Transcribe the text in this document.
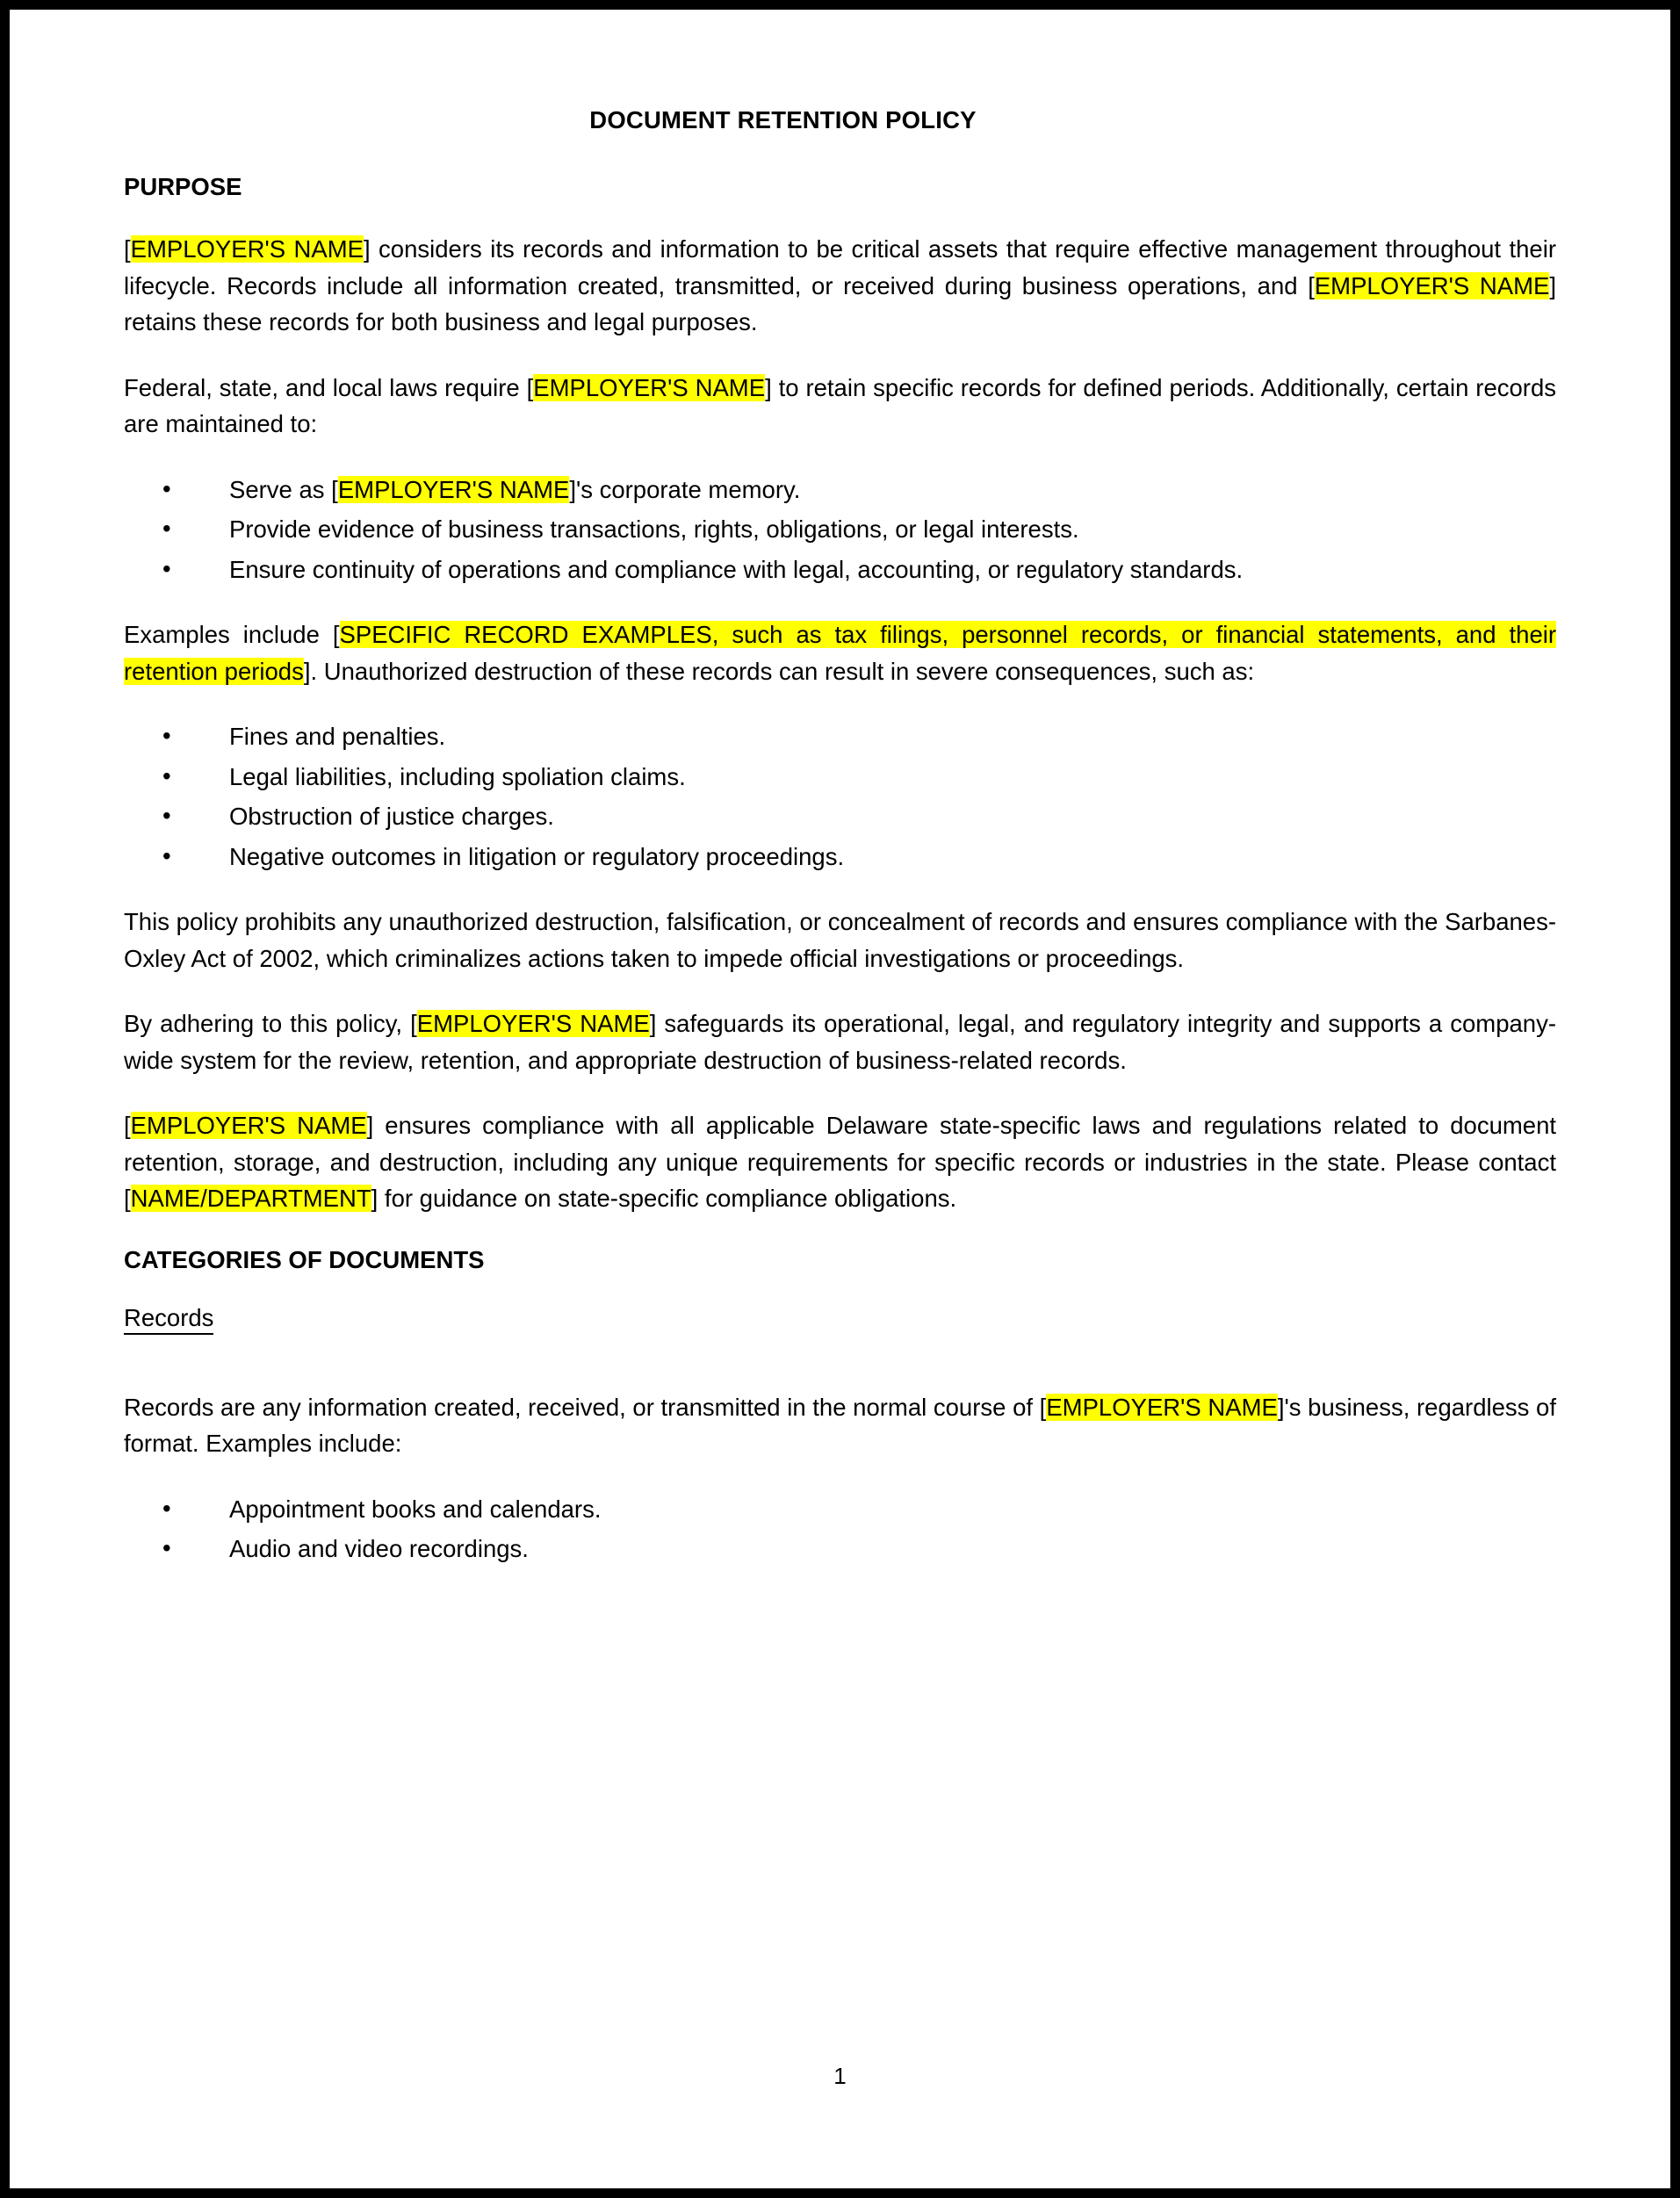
DOCUMENT RETENTION POLICY
PURPOSE

[EMPLOYER'S NAME] considers its records and information to be critical assets that require effective management throughout their lifecycle. Records include all information created, transmitted, or received during business operations, and [EMPLOYER'S NAME] retains these records for both business and legal purposes.

Federal, state, and local laws require [EMPLOYER'S NAME] to retain specific records for defined periods. Additionally, certain records are maintained to:

• Serve as [EMPLOYER'S NAME]'s corporate memory.
• Provide evidence of business transactions, rights, obligations, or legal interests.
• Ensure continuity of operations and compliance with legal, accounting, or regulatory standards.

Examples include [SPECIFIC RECORD EXAMPLES, such as tax filings, personnel records, or financial statements, and their retention periods]. Unauthorized destruction of these records can result in severe consequences, such as:

• Fines and penalties.
• Legal liabilities, including spoliation claims.
• Obstruction of justice charges.
• Negative outcomes in litigation or regulatory proceedings.

This policy prohibits any unauthorized destruction, falsification, or concealment of records and ensures compliance with the Sarbanes-Oxley Act of 2002, which criminalizes actions taken to impede official investigations or proceedings.

By adhering to this policy, [EMPLOYER'S NAME] safeguards its operational, legal, and regulatory integrity and supports a company-wide system for the review, retention, and appropriate destruction of business-related records.

[EMPLOYER'S NAME] ensures compliance with all applicable Delaware state-specific laws and regulations related to document retention, storage, and destruction, including any unique requirements for specific records or industries in the state. Please contact [NAME/DEPARTMENT] for guidance on state-specific compliance obligations.

CATEGORIES OF DOCUMENTS
Records

Records are any information created, received, or transmitted in the normal course of [EMPLOYER'S NAME]'s business, regardless of format. Examples include:

• Appointment books and calendars.
• Audio and video recordings.
1
